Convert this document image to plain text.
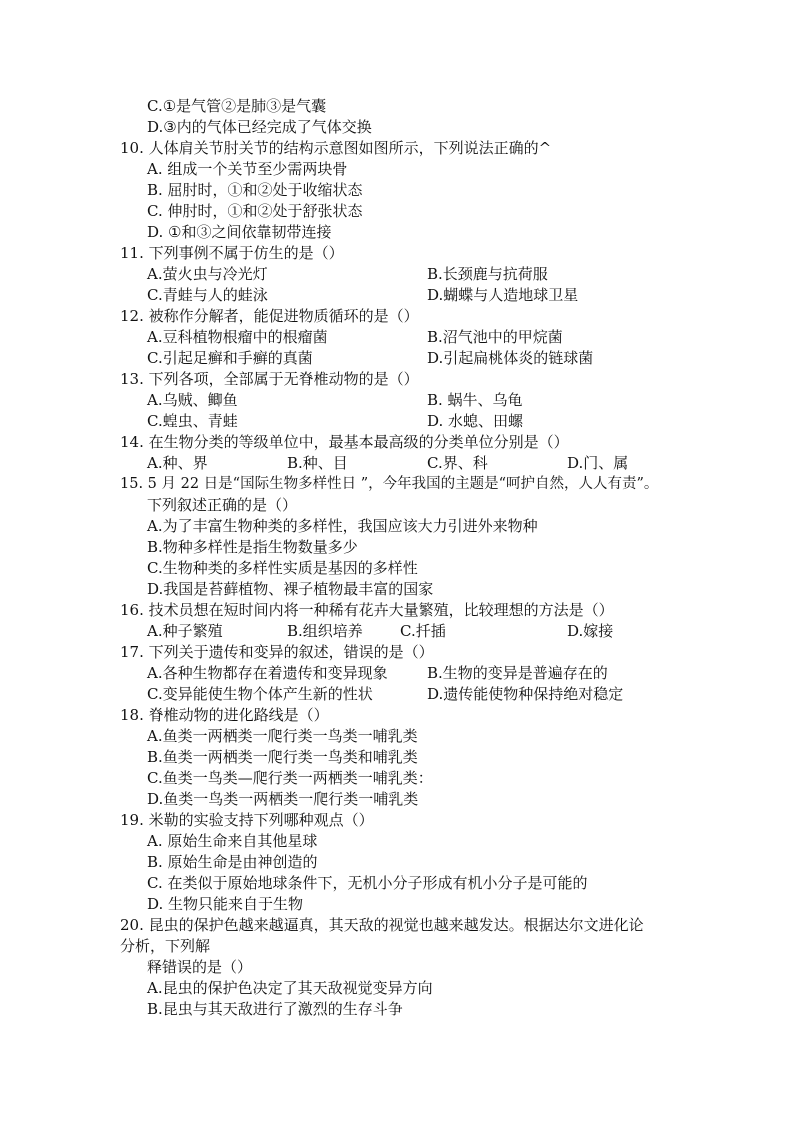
C.①是气管②是肺③是气囊
D.③内的气体已经完成了气体交换
10. 人体肩关节肘关节的结构示意图如图所示，下列说法正确的^
A. 组成一个关节至少需两块骨
B. 屈肘时，①和②处于收缩状态
C. 伸肘时，①和②处于舒张状态
D. ①和③之间依靠韧带连接
11. 下列事例不属于仿生的是（）
A.萤火虫与冷光灯	B.长颈鹿与抗荷服
C.青蛙与人的蛙泳	D.蝴蝶与人造地球卫星
12. 被称作分解者，能促进物质循环的是（）
A.豆科植物根瘤中的根瘤菌	B.沼气池中的甲烷菌
C.引起足癣和手癣的真菌	D.引起扁桃体炎的链球菌
13. 下列各项，全部属于无脊椎动物的是（）
A.乌贼、鲫鱼	B. 蜗牛、乌龟
C.蝗虫、青蛙	D. 水螅、田螺
14. 在生物分类的等级单位中，最基本最高级的分类单位分别是（）
A.种、界	B.种、目	C.界、科	D.门、属
15. 5 月 22 日是“国际生物多样性日 ”，今年我国的主题是“呵护自然，人人有责”。
下列叙述正确的是（）
A.为了丰富生物种类的多样性，我国应该大力引进外来物种
B.物种多样性是指生物数量多少
C.生物种类的多样性实质是基因的多样性
D.我国是苔藓植物、裸子植物最丰富的国家
16. 技术员想在短时间内将一种稀有花卉大量繁殖，比较理想的方法是（）
A.种子繁殖	B.组织培养 C.扦插	D.嫁接
17. 下列关于遗传和变异的叙述，错误的是（）
A.各种生物都存在着遗传和变异现象	B.生物的变异是普遍存在的
C.变异能使生物个体产生新的性状	D.遗传能使物种保持绝对稳定
18. 脊椎动物的进化路线是（）
A.鱼类一两栖类一爬行类一鸟类一哺乳类
B.鱼类一两栖类一爬行类一鸟类和哺乳类
C.鱼类一鸟类—爬行类一两栖类一哺乳类：
D.鱼类一鸟类一两栖类一爬行类一哺乳类
19. 米勒的实验支持下列哪种观点（）
A. 原始生命来自其他星球
B. 原始生命是由神创造的
C. 在类似于原始地球条件下，无机小分子形成有机小分子是可能的
D. 生物只能来自于生物
20. 昆虫的保护色越来越逼真，其天敌的视觉也越来越发达。根据达尔文进化论
分析，下列解
释错误的是（）
A.昆虫的保护色决定了其天敌视觉变异方向
B.昆虫与其天敌进行了激烈的生存斗争
